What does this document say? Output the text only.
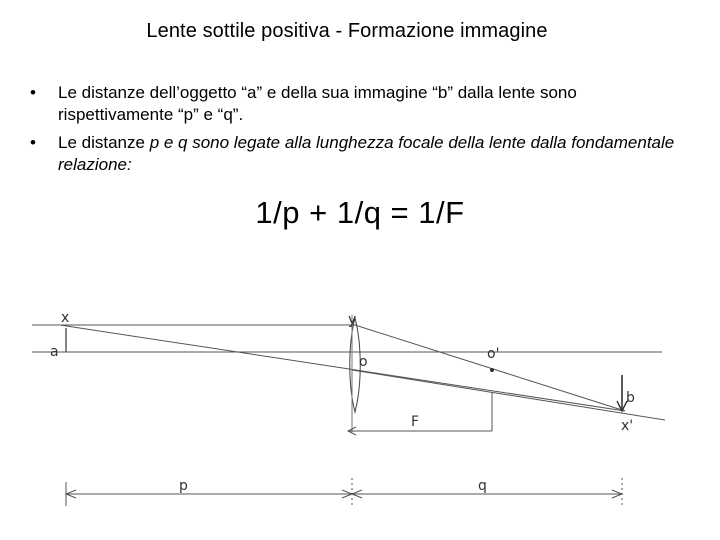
Lente sottile positiva - Formazione immagine
• Le distanze dell’oggetto “a” e della sua immagine “b” dalla lente sono rispettivamente “p” e “q”.
• Le distanze p e q sono legate alla lunghezza focale della lente dalla fondamentale relazione:
1/p + 1/q = 1/F
x
a
y
o	o'
b
x'
F
p	q
